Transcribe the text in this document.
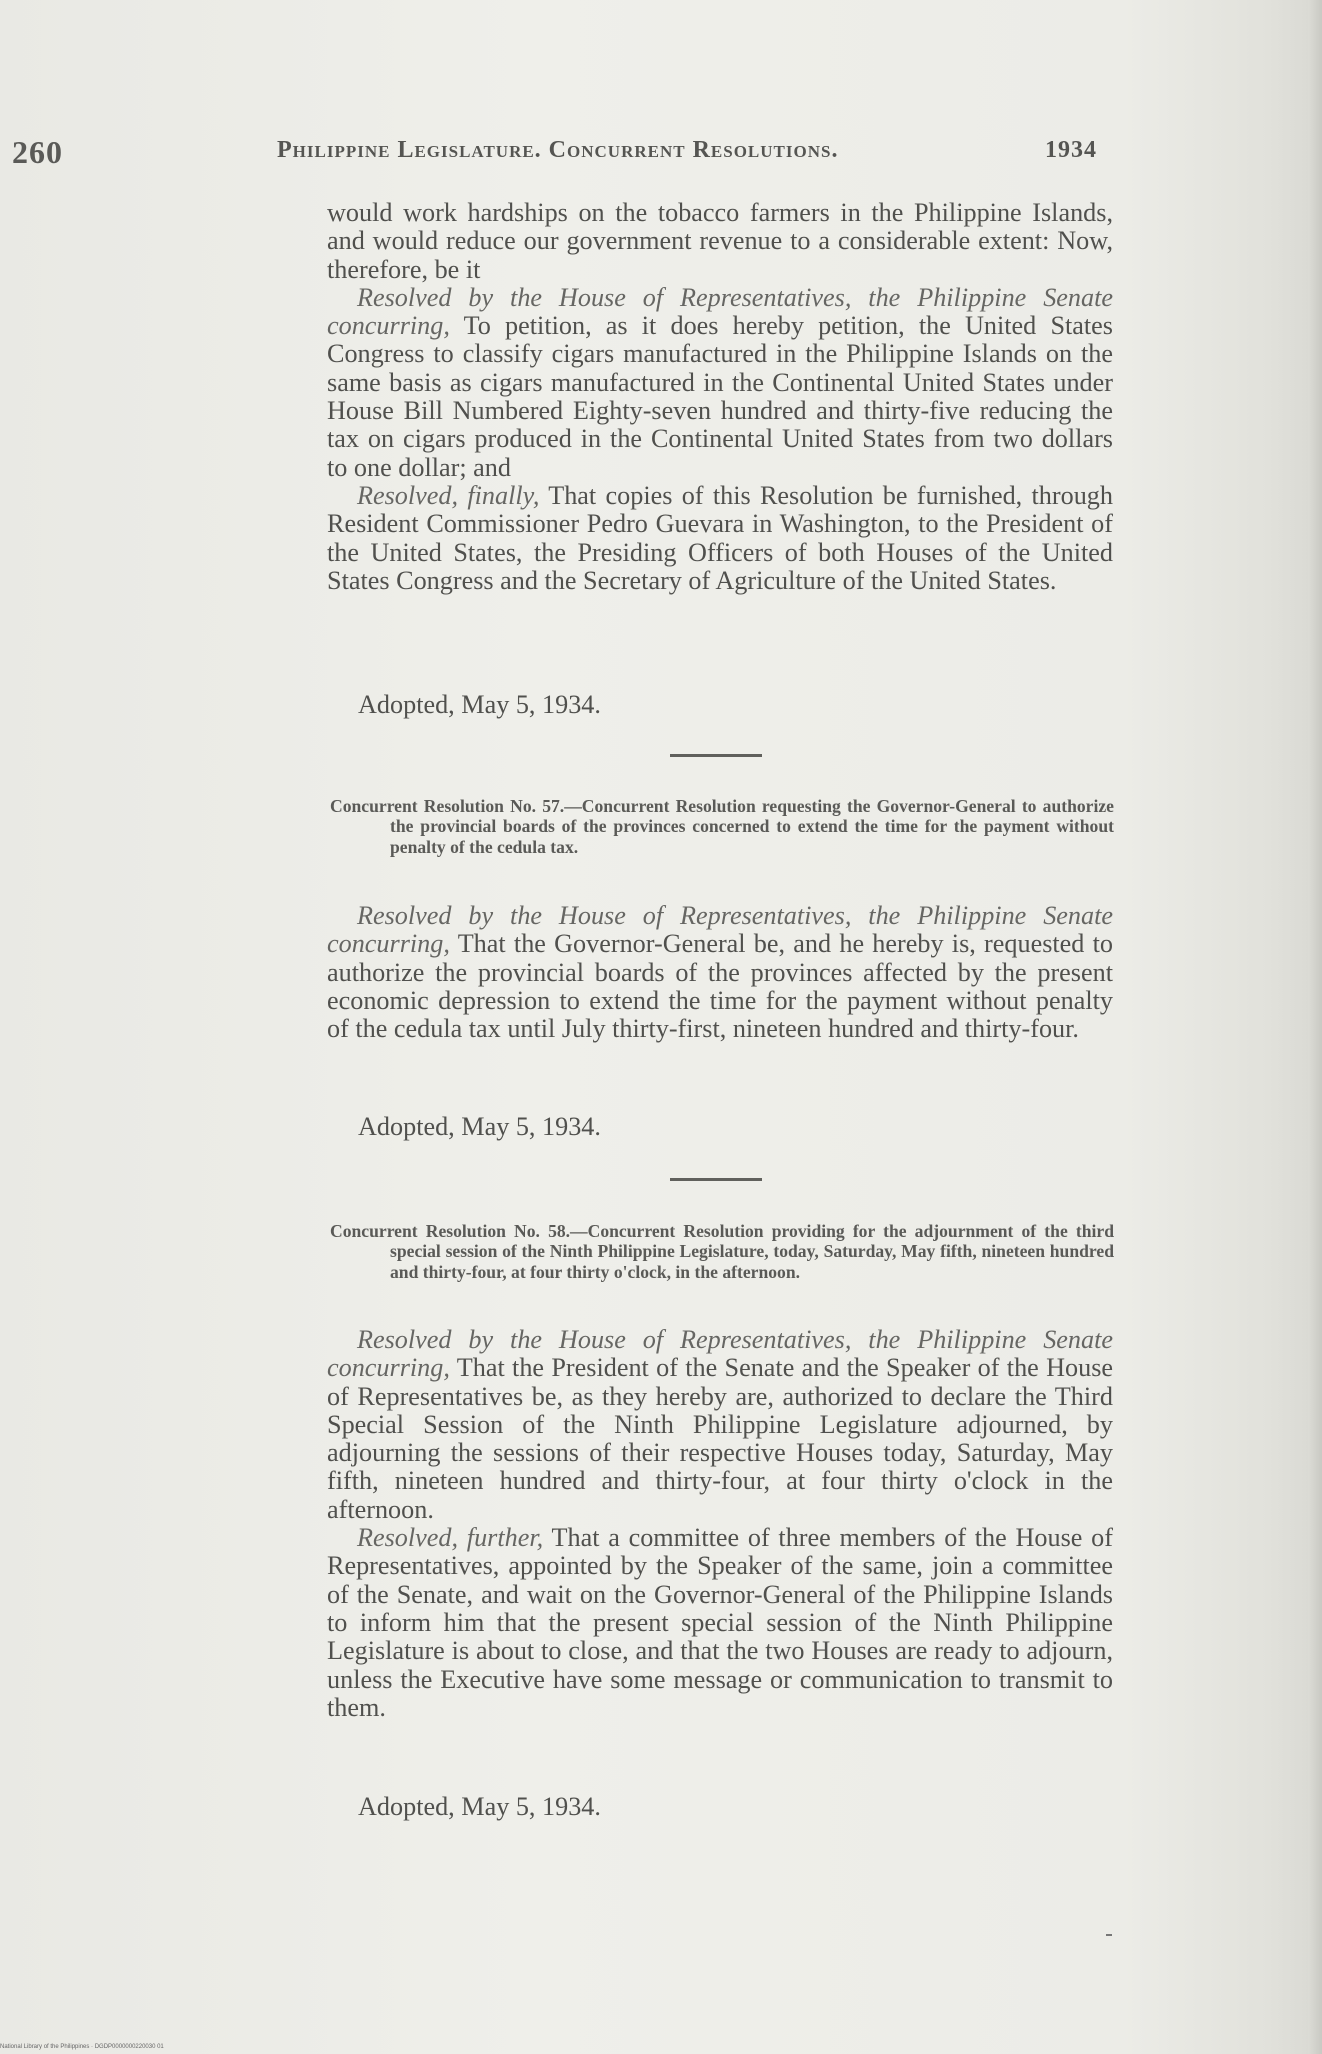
260	Philippine Legislature. Concurrent Resolutions.	1934

would work hardships on the tobacco farmers in the Philippine Islands, and would reduce our government revenue to a considerable extent: Now, therefore, be it

Resolved by the House of Representatives, the Philippine Senate concurring, To petition, as it does hereby petition, the United States Congress to classify cigars manufactured in the Philippine Islands on the same basis as cigars manufactured in the Continental United States under House Bill Numbered Eighty-seven hundred and thirty-five reducing the tax on cigars produced in the Continental United States from two dollars to one dollar; and

Resolved, finally, That copies of this Resolution be furnished, through Resident Commissioner Pedro Guevara in Washington, to the President of the United States, the Presiding Officers of both Houses of the United States Congress and the Secretary of Agriculture of the United States.

Adopted, May 5, 1934.
Concurrent Resolution No. 57.—Concurrent Resolution requesting the Governor-General to authorize the provincial boards of the provinces concerned to extend the time for the payment without penalty of the cedula tax.

Resolved by the House of Representatives, the Philippine Senate concurring, That the Governor-General be, and he hereby is, requested to authorize the provincial boards of the provinces affected by the present economic depression to extend the time for the payment without penalty of the cedula tax until July thirty-first, nineteen hundred and thirty-four.

Adopted, May 5, 1934.
Concurrent Resolution No. 58.—Concurrent Resolution providing for the adjournment of the third special session of the Ninth Philippine Legislature, today, Saturday, May fifth, nineteen hundred and thirty-four, at four thirty o'clock, in the afternoon.

Resolved by the House of Representatives, the Philippine Senate concurring, That the President of the Senate and the Speaker of the House of Representatives be, as they hereby are, authorized to declare the Third Special Session of the Ninth Philippine Legislature adjourned, by adjourning the sessions of their respective Houses today, Saturday, May fifth, nineteen hundred and thirty-four, at four thirty o'clock in the afternoon.

Resolved, further, That a committee of three members of the House of Representatives, appointed by the Speaker of the same, join a committee of the Senate, and wait on the Governor-General of the Philippine Islands to inform him that the present special session of the Ninth Philippine Legislature is about to close, and that the two Houses are ready to adjourn, unless the Executive have some message or communication to transmit to them.

Adopted, May 5, 1934.
National Library of the Philippines · DGDP0000000220030 01
